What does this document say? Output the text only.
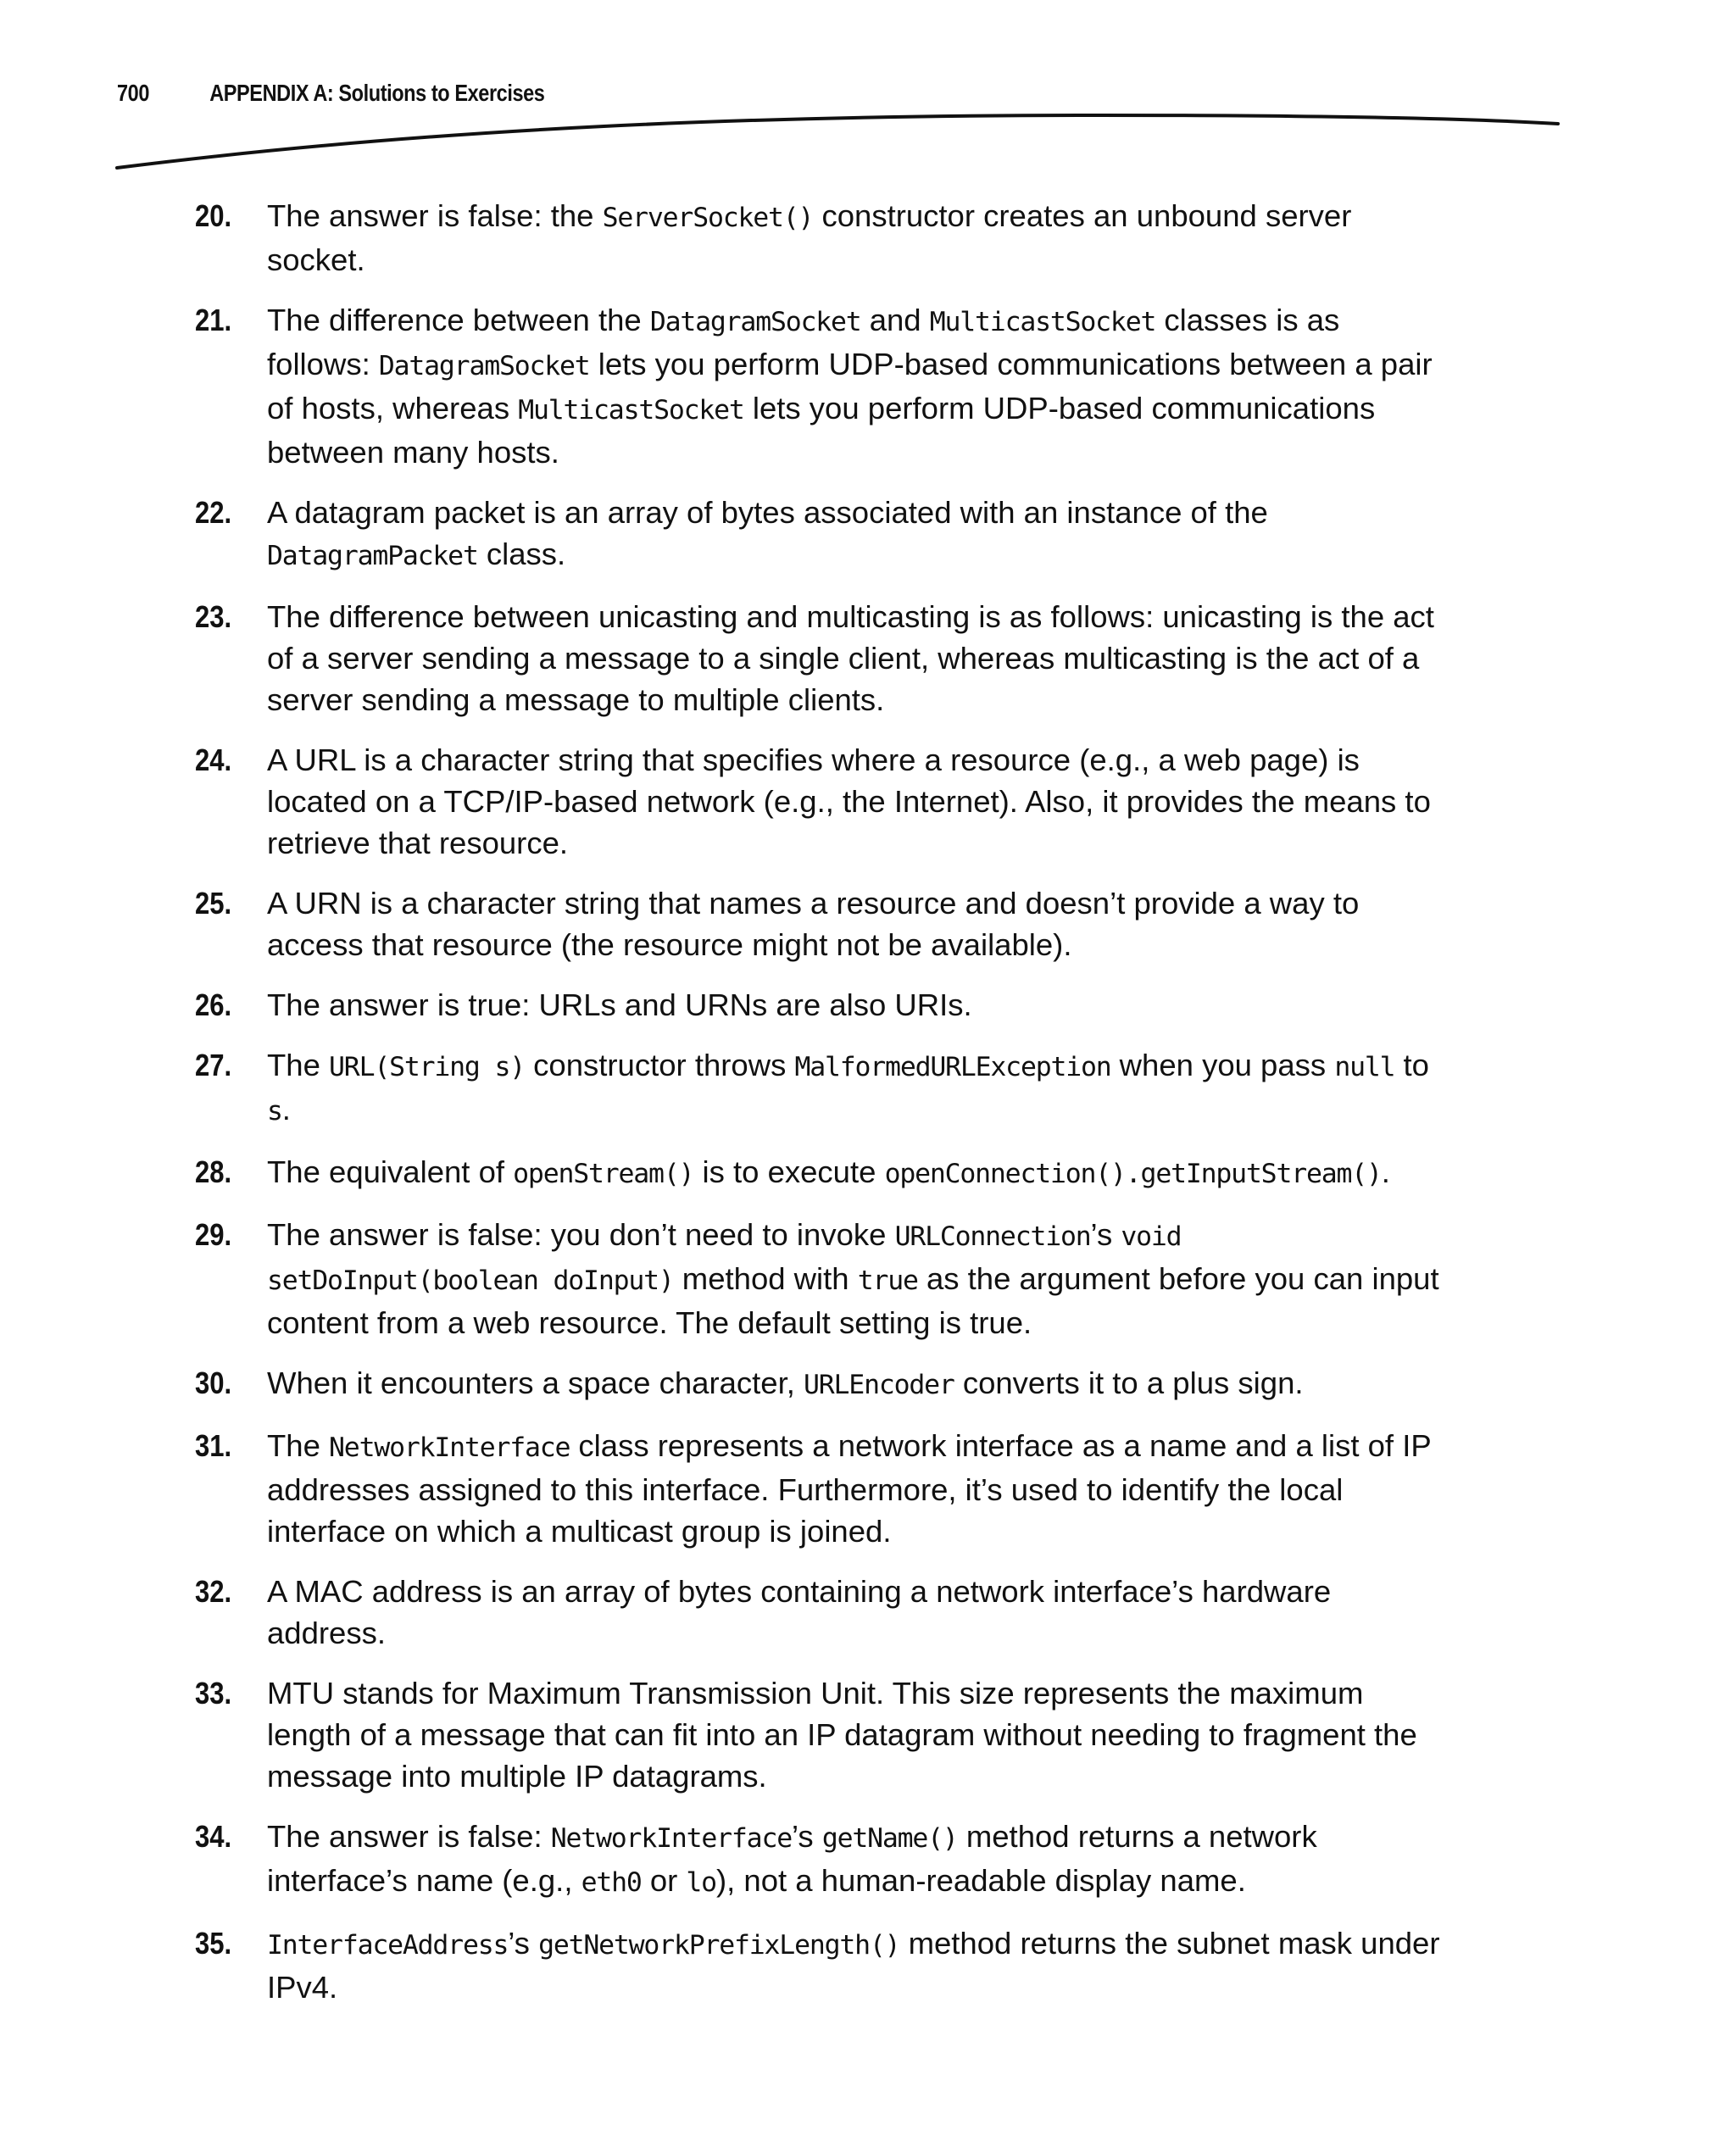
700	APPENDIX A: Solutions to Exercises
20. The answer is false: the ServerSocket() constructor creates an unbound server socket.
21. The difference between the DatagramSocket and MulticastSocket classes is as follows: DatagramSocket lets you perform UDP-based communications between a pair of hosts, whereas MulticastSocket lets you perform UDP-based communications between many hosts.
22. A datagram packet is an array of bytes associated with an instance of the DatagramPacket class.
23. The difference between unicasting and multicasting is as follows: unicasting is the act of a server sending a message to a single client, whereas multicasting is the act of a server sending a message to multiple clients.
24. A URL is a character string that specifies where a resource (e.g., a web page) is located on a TCP/IP-based network (e.g., the Internet). Also, it provides the means to retrieve that resource.
25. A URN is a character string that names a resource and doesn’t provide a way to access that resource (the resource might not be available).
26. The answer is true: URLs and URNs are also URIs.
27. The URL(String s) constructor throws MalformedURLException when you pass null to s.
28. The equivalent of openStream() is to execute openConnection().getInputStream().
29. The answer is false: you don’t need to invoke URLConnection’s void setDoInput(boolean doInput) method with true as the argument before you can input content from a web resource. The default setting is true.
30. When it encounters a space character, URLEncoder converts it to a plus sign.
31. The NetworkInterface class represents a network interface as a name and a list of IP addresses assigned to this interface. Furthermore, it’s used to identify the local interface on which a multicast group is joined.
32. A MAC address is an array of bytes containing a network interface’s hardware address.
33. MTU stands for Maximum Transmission Unit. This size represents the maximum length of a message that can fit into an IP datagram without needing to fragment the message into multiple IP datagrams.
34. The answer is false: NetworkInterface’s getName() method returns a network interface’s name (e.g., eth0 or lo), not a human-readable display name.
35. InterfaceAddress’s getNetworkPrefixLength() method returns the subnet mask under IPv4.
